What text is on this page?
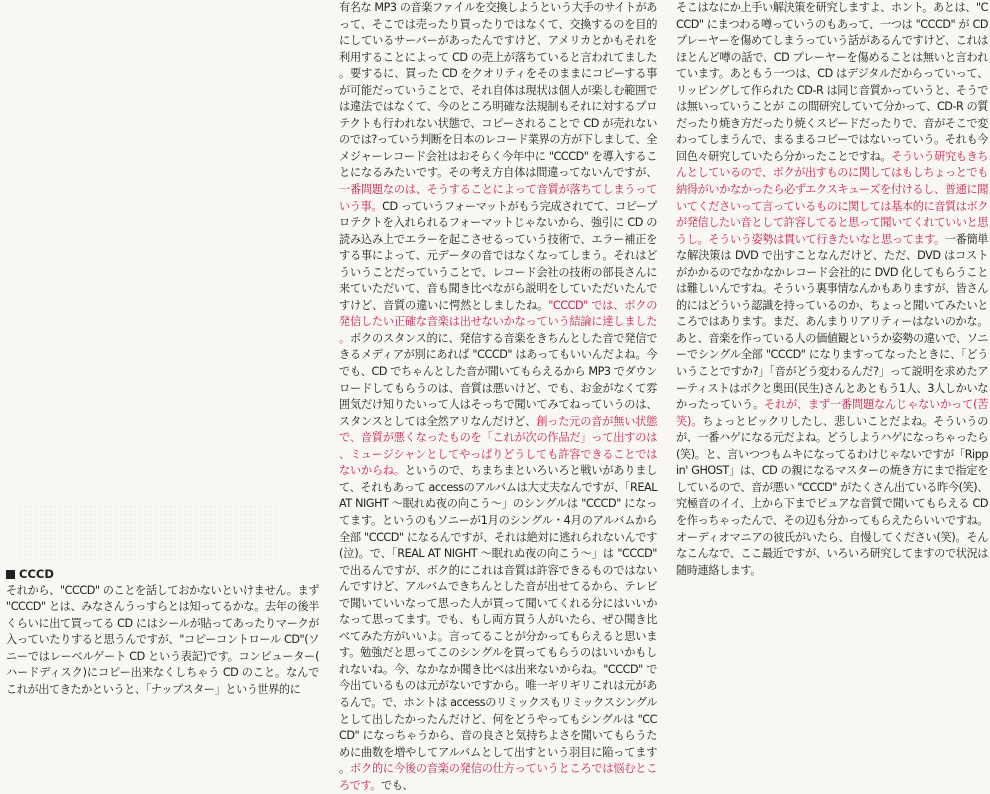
CCCD
それから、"CCCD" のことを話しておかないといけません。まず"CCCD" とは、みなさんうっすらとは知ってるかな。去年の後半くらいに出て買ってる CD にはシールが貼ってあったりマークが入っていたりすると思うんですが、"コピーコントロール CD"(ソニーではレーベルゲート CD という表記)です。コンピューター(ハードディスク)にコピー出来なくしちゃう CD のこと。なんでこれが出てきたかというと、「ナップスター」という世界的に
有名な MP3 の音楽ファイルを交換しようという大手のサイトがあって、そこでは売ったり買ったりではなくて、交換するのを目的にしているサーバーがあったんですけど、アメリカとかもそれを利用することによって CD の売上が落ちていると言われてました。要するに、買った CD をクオリティをそのままにコピーする事が可能だっていうことで、それ自体は現状は個人が楽しむ範囲では違法ではなくて、今のところ明確な法規制もそれに対するプロテクトも行われない状態で、コピーされることで CD が売れないのでは?っていう判断を日本のレコード業界の方が下しまして、全メジャーレコード会社はおそらく今年中に "CCCD" を導入することになるみたいです。その考え方自体は間違ってないんですが、一番問題なのは、そうすることによって音質が落ちてしまうっていう事。CD っていうフォーマットがもう完成されてて、コピープロテクトを入れられるフォーマットじゃないから、強引に CD の読み込み上でエラーを起こさせるっていう技術で、エラー補正をする事によって、元データの音ではなくなってしまう。それはどういうことだっていうことで、レコード会社の技術の部長さんに来ていただいて、音も聞き比べながら説明をしていただいたんですけど、音質の違いに愕然としましたね。"CCCD" では、ボクの発信したい正確な音楽は出せないかなっていう結論に達しました。ボクのスタンス的に、発信する音楽をきちんとした音で発信できるメディアが別にあれば "CCCD" はあってもいいんだよね。今でも、CD でちゃんとした音が聞いてもらえるから MP3 でダウンロードしてもらうのは、音質は悪いけど、でも、お金がなくて雰囲気だけ知りたいって人はそっちで聞いてみてねっていうのは、スタンスとしては全然アリなんだけど、創った元の音が無い状態で、音質が悪くなったものを「これが次の作品だ」って出すのは、ミュージシャンとしてやっぱりどうしても許容できることではないからね。というので、ちまちまといろいろと戦いがありまして、それもあって accessのアルバムは大丈夫なんですが、「REAL AT NIGHT 〜眠れぬ夜の向こう〜」のシングルは "CCCD" になってます。というのもソニーが1月のシングル・4月のアルバムから全部 "CCCD" になるんですが、それは絶対に逃れられないんです(泣)。で、「REAL AT NIGHT 〜眠れぬ夜の向こう〜」は "CCCD" で出るんですが、ボク的にこれは音質は許容できるものではないんですけど、アルバムできちんとした音が出せてるから、テレビで聞いていいなって思った人が買って聞いてくれる分にはいいかなって思ってます。でも、もし両方買う人がいたら、ぜひ聞き比べてみた方がいいよ。言ってることが分かってもらえると思います。勉強だと思ってこのシングルを買ってもらうのはいいかもしれないね。今、なかなか聞き比べは出来ないからね。"CCCD" で今出ているものは元がないですから。唯一ギリギリこれは元があるんで。で、ホントは accessのリミックスもリミックスシングルとして出したかったんだけど、何をどうやってもシングルは "CCCD" になっちゃうから、音の良さと気持ちよさを聞いてもらうために曲数を増やしてアルバムとして出すという羽目に陥ってます。ボク的に今後の音楽の発信の仕方っていうところでは悩むところです。でも、
そこはなにか上手い解決策を研究しますよ、ホント。あとは、"CCCD" にまつわる噂っていうのもあって、一つは "CCCD" が CD プレーヤーを傷めてしまうっていう話があるんですけど、これはほとんど噂の話で、CD プレーヤーを傷めることは無いと言われています。あともう一つは、CD はデジタルだからっていって、リッピングして作られた CD-R は同じ音質かっていうと、そうでは無いっていうことが この間研究していて分かって、CD-R の質だったり焼き方だったり焼くスピードだったりで、音がそこで変わってしまうんで、まるまるコピーではないっていう。それも今回色々研究していたら分かったことですね。そういう研究もきちんとしているので、ボクが出すものに関してはもしちょっとでも納得がいかなかったら必ずエクスキューズを付けるし、普通に聞いてくださいって言っているものに関しては基本的に音質はボクが発信したい音として許容してると思って聞いてくれていいと思うし。そういう姿勢は貫いて行きたいなと思ってます。一番簡単な解決策は DVD で出すことなんだけど、ただ、DVD はコストがかかるのでなかなかレコード会社的に DVD 化してもらうことは難しいんですね。そういう裏事情なんかもありますが、皆さん的にはどういう認識を持っているのか、ちょっと聞いてみたいところではあります。まだ、あんまりリアリティーはないのかな。あと、音楽を作っている人の価値観というか姿勢の違いで、ソニーでシングル全部 "CCCD" になりますってなったときに、「どういうことですか?」「音がどう変わるんだ?」って説明を求めたアーティストはボクと奥田(民生)さんとあともう1人、3人しかいなかったっていう。それが、まず一番問題なんじゃないかって(苦笑)。ちょっとビックリしたし、悲しいことだよね。そういうのが、一番ハゲになる元だよね。どうしようハゲになっちゃったら(笑)。と、言いつつもムキになってるわけじゃないですが「Rippin' GHOST」は、CD の親になるマスターの焼き方にまで指定をしているので、音が悪い "CCCD" がたくさん出ている昨今(笑)、究極音のイイ、上から下までピュアな音質で聞いてもらえる CD を作っちゃったんで、その辺も分かってもらえたらいいですね。オーディオマニアの彼氏がいたら、自慢してください(笑)。そんなこんなで、ここ最近ですが、いろいろ研究してますので状況は随時連絡します。
